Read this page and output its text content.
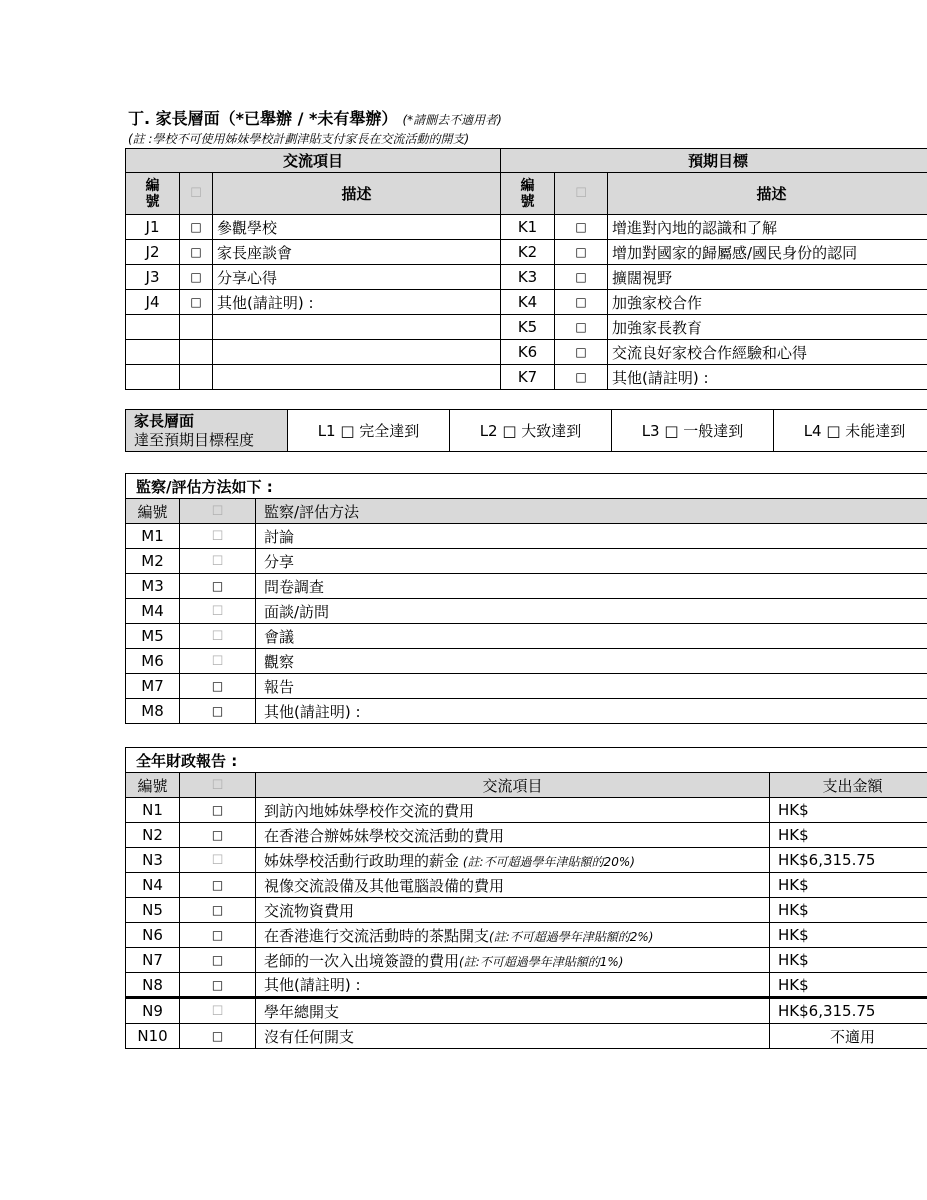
丁. 家長層面（*已舉辦 / *未有舉辦） (*請刪去不適用者)
(註 :學校不可使用姊妹學校計劃津貼支付家長在交流活動的開支)
交流項目			預期目標		
編號	☐	描述	編號	☐	描述
J1	□	參觀學校	K1	□	增進對內地的認識和了解
J2	□	家長座談會	K2	□	增加對國家的歸屬感/國民身份的認同
J3	□	分享心得	K3	□	擴闊視野
J4	□	其他(請註明) :	K4	□	加強家校合作
			K5	□	加強家長教育
			K6	□	交流良好家校合作經驗和心得
			K7	□	其他(請註明) :
家長層面
達至預期目標程度	L1 □ 完全達到	L2 □ 大致達到	L3 □ 一般達到	L4 □ 未能達到
監察/評估方法如下 :		
編號	☐	監察/評估方法
M1	☐	討論
M2	☐	分享
M3	□	問卷調查
M4	☐	面談/訪問
M5	☐	會議
M6	☐	觀察
M7	□	報告
M8	□	其他(請註明) :
全年財政報告 :			
編號	☐	交流項目	支出金額
N1	□	到訪內地姊妹學校作交流的費用	HK$
N2	□	在香港合辦姊妹學校交流活動的費用	HK$
N3	☐	姊妹學校活動行政助理的薪金 (註:不可超過學年津貼額的20%)	HK$6,315.75
N4	□	視像交流設備及其他電腦設備的費用	HK$
N5	□	交流物資費用	HK$
N6	□	在香港進行交流活動時的茶點開支(註:不可超過學年津貼額的2%)	HK$
N7	□	老師的一次入出境簽證的費用(註:不可超過學年津貼額的1%)	HK$
N8	□	其他(請註明) :	HK$
N9	☐	學年總開支	HK$6,315.75
N10	□	沒有任何開支	不適用
